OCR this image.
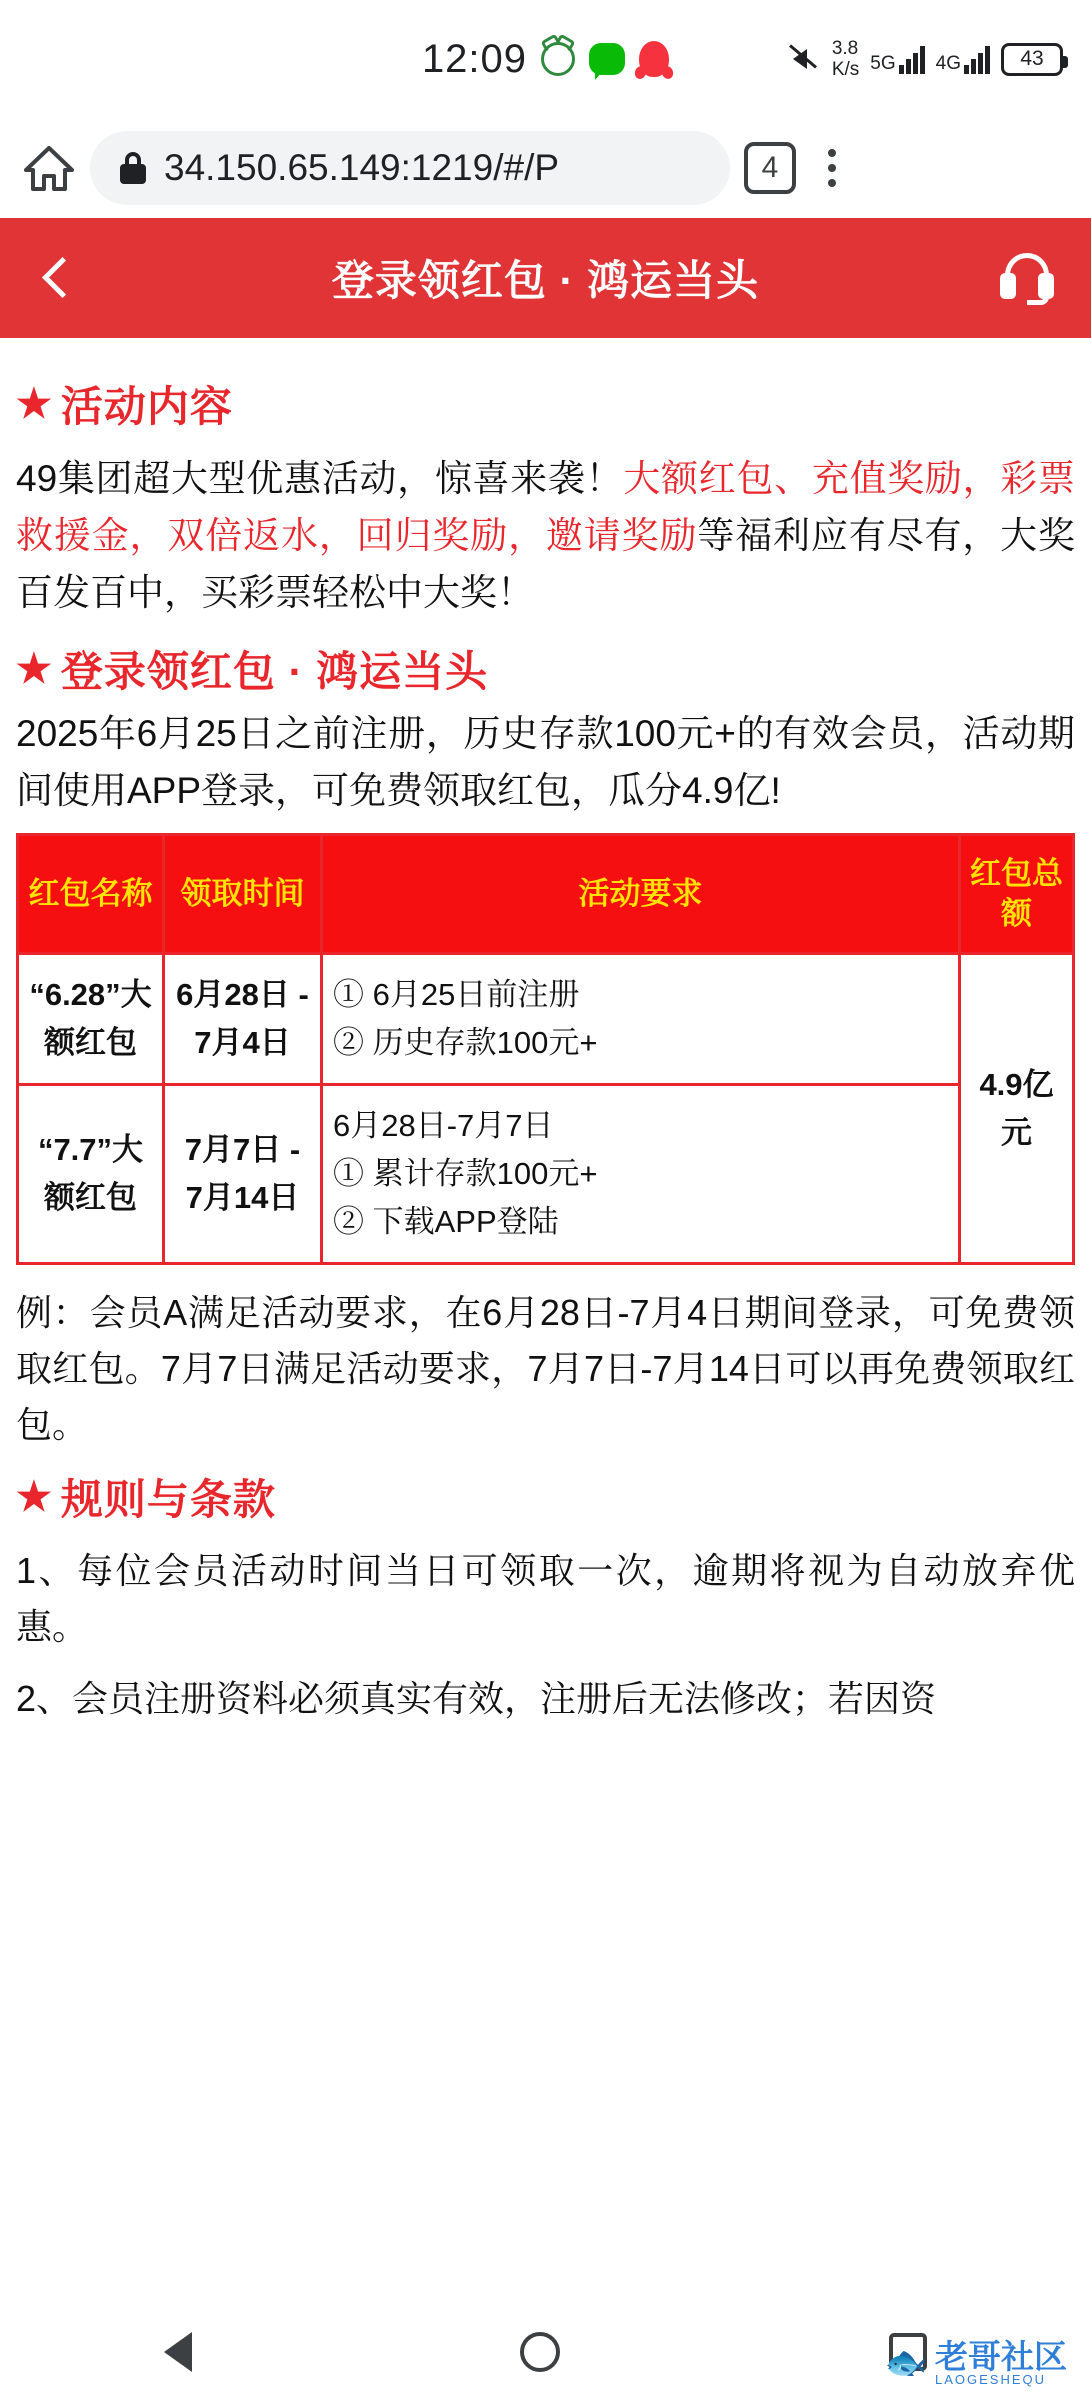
12:09	3.8
K/s 5G 4G	43
34.150.65.149:1219/#/P	4
登录领红包 · 鸿运当头
★ 活动内容

49集团超大型优惠活动，惊喜来袭！大额红包、充值奖励，彩票救援金，双倍返水，回归奖励，邀请奖励等福利应有尽有，大奖百发百中，买彩票轻松中大奖！

★ 登录领红包 · 鸿运当头

2025年6月25日之前注册，历史存款100元+的有效会员，活动期间使用APP登录，可免费领取红包，瓜分4.9亿!

红包名称	领取时间	活动要求	红包总额

“6.28”大额红包	6月28日 - 7月4日	① 6月25日前注册
② 历史存款100元+	4.9亿元

“7.7”大额红包	7月7日 - 7月14日	6月28日-7月7日
① 累计存款100元+
② 下载APP登陆	

例：会员A满足活动要求，在6月28日-7月4日期间登录，可免费领取红包。7月7日满足活动要求，7月7日-7月14日可以再免费领取红包。

★ 规则与条款

1、每位会员活动时间当日可领取一次，逾期将视为自动放弃优惠。

2、会员注册资料必须真实有效，注册后无法修改；若因资

🐟 老哥社区
LAOGESHEQU
